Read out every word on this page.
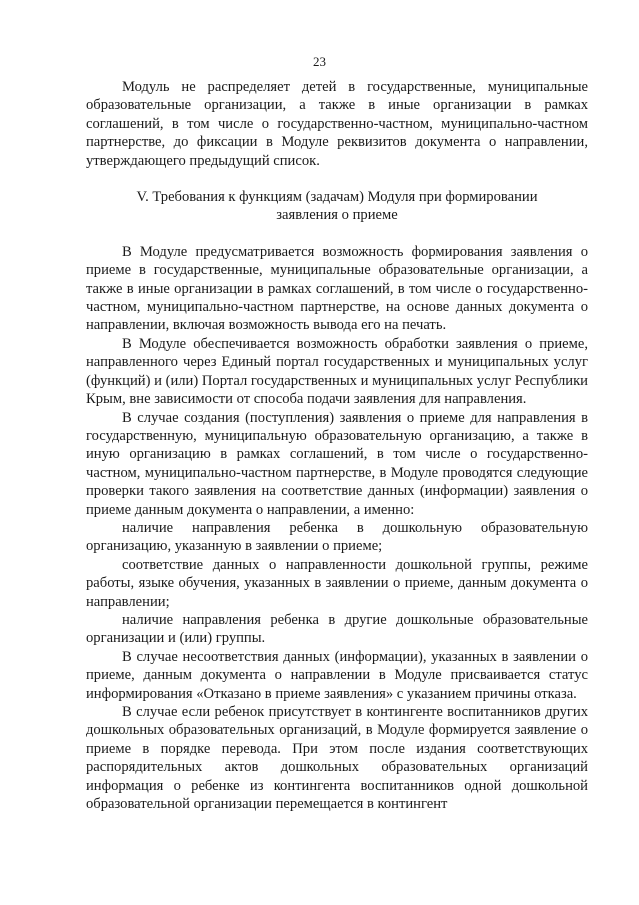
23

Модуль не распределяет детей в государственные, муниципальные образовательные организации, а также в иные организации в рамках соглашений, в том числе о государственно-частном, муниципально-частном партнерстве, до фиксации в Модуле реквизитов документа о направлении, утверждающего предыдущий список.

V. Требования к функциям (задачам) Модуля при формировании заявления о приеме

В Модуле предусматривается возможность формирования заявления о приеме в государственные, муниципальные образовательные организации, а также в иные организации в рамках соглашений, в том числе о государственно-частном, муниципально-частном партнерстве, на основе данных документа о направлении, включая возможность вывода его на печать.

В Модуле обеспечивается возможность обработки заявления о приеме, направленного через Единый портал государственных и муниципальных услуг (функций) и (или) Портал государственных и муниципальных услуг Республики Крым, вне зависимости от способа подачи заявления для направления.

В случае создания (поступления) заявления о приеме для направления в государственную, муниципальную образовательную организацию, а также в иную организацию в рамках соглашений, в том числе о государственно-частном, муниципально-частном партнерстве, в Модуле проводятся следующие проверки такого заявления на соответствие данных (информации) заявления о приеме данным документа о направлении, а именно:

наличие направления ребенка в дошкольную образовательную организацию, указанную в заявлении о приеме;

соответствие данных о направленности дошкольной группы, режиме работы, языке обучения, указанных в заявлении о приеме, данным документа о направлении;

наличие направления ребенка в другие дошкольные образовательные организации и (или) группы.

В случае несоответствия данных (информации), указанных в заявлении о приеме, данным документа о направлении в Модуле присваивается статус информирования «Отказано в приеме заявления» с указанием причины отказа.

В случае если ребенок присутствует в контингенте воспитанников других дошкольных образовательных организаций, в Модуле формируется заявление о приеме в порядке перевода. При этом после издания соответствующих распорядительных актов дошкольных образовательных организаций информация о ребенке из контингента воспитанников одной дошкольной образовательной организации перемещается в контингент
